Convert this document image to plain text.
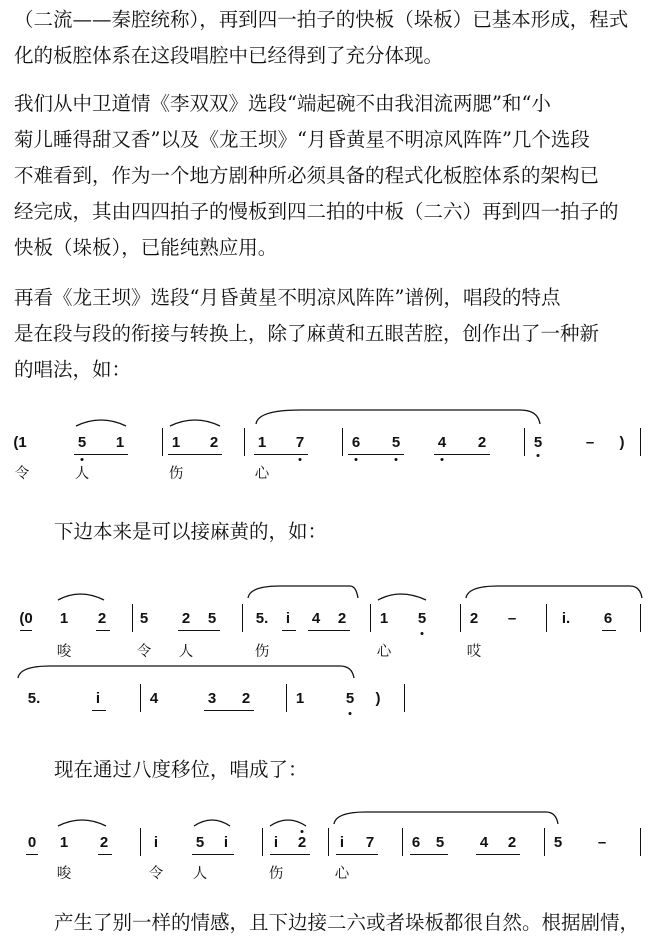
（二流——秦腔统称），再到四一拍子的快板（垛板）已基本形成，程式
化的板腔体系在这段唱腔中已经得到了充分体现。
我们从中卫道情《李双双》选段“端起碗不由我泪流两腮”和“小
菊儿睡得甜又香”以及《龙王坝》“月昏黄星不明凉风阵阵”几个选段
不难看到，作为一个地方剧种所必须具备的程式化板腔体系的架构已
经完成，其由四四拍子的慢板到四二拍的中板（二六）再到四一拍子的
快板（垛板），已能纯熟应用。
再看《龙王坝》选段“月昏黄星不明凉风阵阵”谱例，唱段的特点
是在段与段的衔接与转换上，除了麻黄和五眼苦腔，创作出了一种新
的唱法，如：
(1	5 1	1 2	1 7	6 5	4 2	5	– )
令	人	伤	心
下边本来是可以接麻黄的，如：
(0 1 2 5 2 5	5. i 4 2 1 5	2 –	i. 6
唆	令 人	伤	心	哎
5.	i	4	3 2	1	5 )
现在通过八度移位，唱成了：
0 1 2	i	5 i	i 2 i 7	6 5 4 2	5 –
唆	令 人	伤	心
产生了别一样的情感，且下边接二六或者垛板都很自然。根据剧情，
